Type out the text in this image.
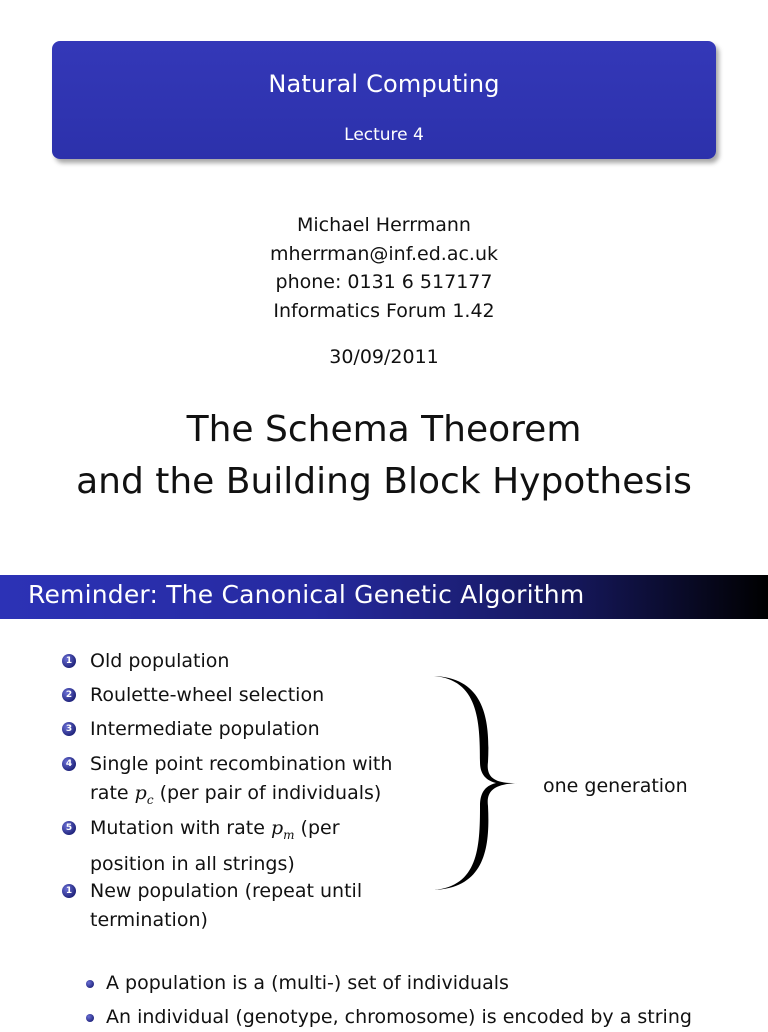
Natural Computing
Lecture 4
Michael Herrmann
mherrman@inf.ed.ac.uk
phone: 0131 6 517177
Informatics Forum 1.42
30/09/2011
The Schema Theorem
and the Building Block Hypothesis
Reminder: The Canonical Genetic Algorithm
1 Old population
2 Roulette-wheel selection
3 Intermediate population
4 Single point recombination with
rate $p_c$ (per pair of individuals)
5 Mutation with rate $p_m$ (per
position in all strings)
1 New population (repeat until
termination)
one generation
A population is a (multi-) set of individuals
An individual (genotype, chromosome) is encoded by a string
